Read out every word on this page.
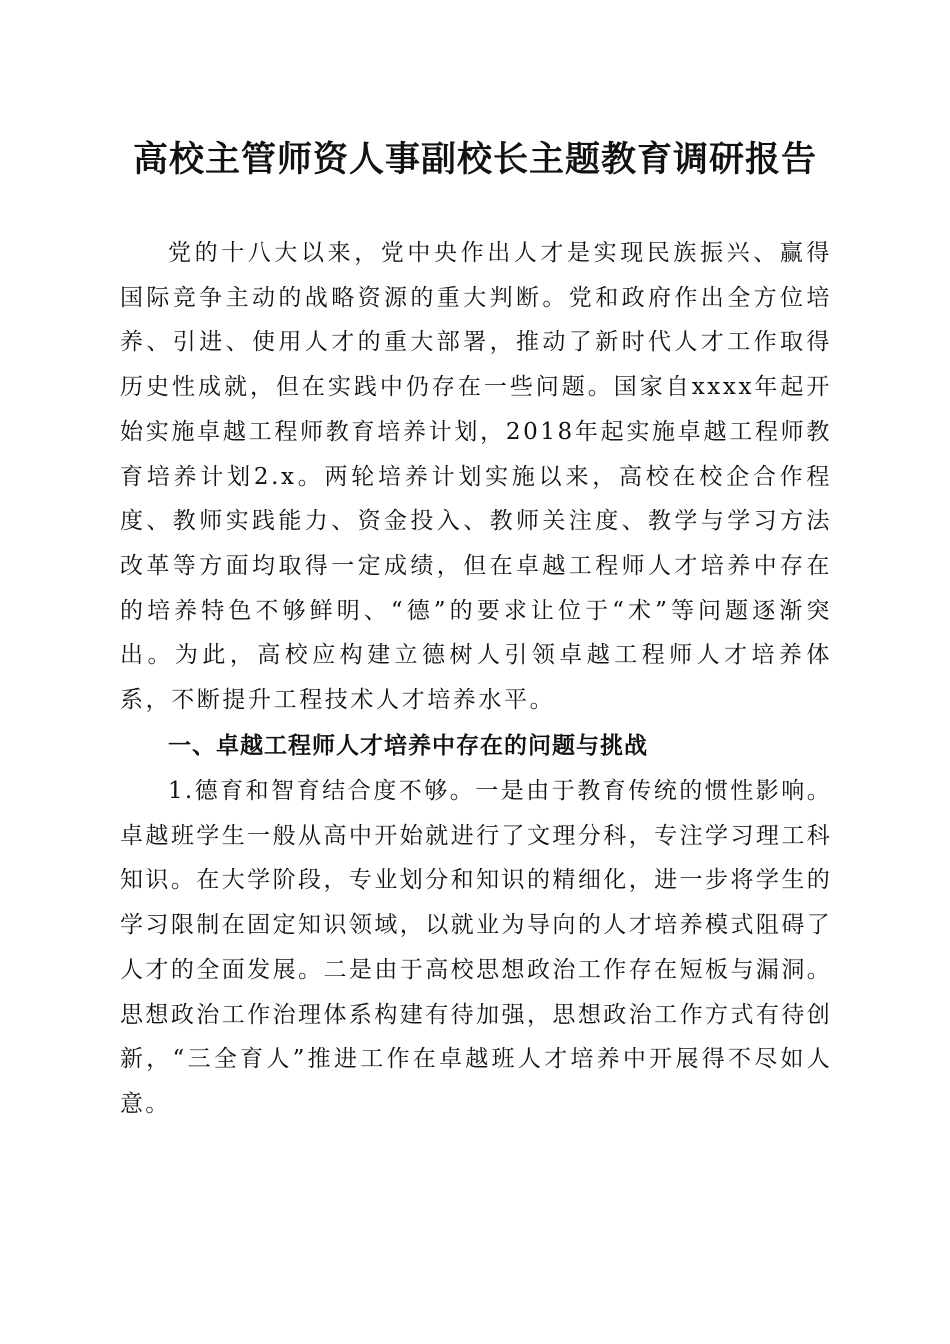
高校主管师资人事副校长主题教育调研报告

党的十八大以来，党中央作出人才是实现民族振兴、赢得国际竞争主动的战略资源的重大判断。党和政府作出全方位培养、引进、使用人才的重大部署，推动了新时代人才工作取得历史性成就，但在实践中仍存在一些问题。国家自xxxx年起开始实施卓越工程师教育培养计划，2018年起实施卓越工程师教育培养计划2.x。两轮培养计划实施以来，高校在校企合作程度、教师实践能力、资金投入、教师关注度、教学与学习方法改革等方面均取得一定成绩，但在卓越工程师人才培养中存在的培养特色不够鲜明、“德”的要求让位于“术”等问题逐渐突出。为此，高校应构建立德树人引领卓越工程师人才培养体系，不断提升工程技术人才培养水平。

一、卓越工程师人才培养中存在的问题与挑战

1.德育和智育结合度不够。一是由于教育传统的惯性影响。卓越班学生一般从高中开始就进行了文理分科，专注学习理工科知识。在大学阶段，专业划分和知识的精细化，进一步将学生的学习限制在固定知识领域，以就业为导向的人才培养模式阻碍了人才的全面发展。二是由于高校思想政治工作存在短板与漏洞。思想政治工作治理体系构建有待加强，思想政治工作方式有待创新，“三全育人”推进工作在卓越班人才培养中开展得不尽如人意。
